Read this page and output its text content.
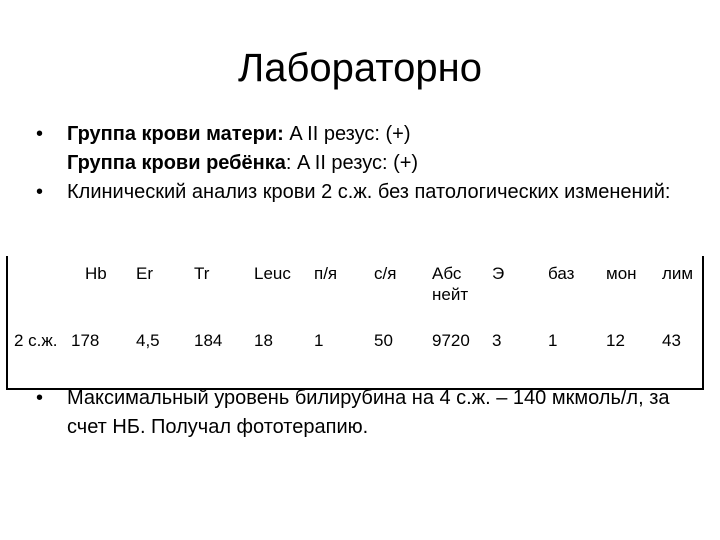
Лабораторно
• Группа крови матери: A II резус: (+)
Группа крови ребёнка: A II резус: (+)
• Клинический анализ крови 2 с.ж. без патологических изменений:
	Hb	Er	Tr	Leuc	п/я	с/я	Абс нейт	Э	баз	мон	лим
2 с.ж.	178	4,5	184	18	1	50	9720	3	1	12	43
• Максимальный уровень билирубина на 4 с.ж. – 140 мкмоль/л, за счет НБ. Получал фототерапию.
